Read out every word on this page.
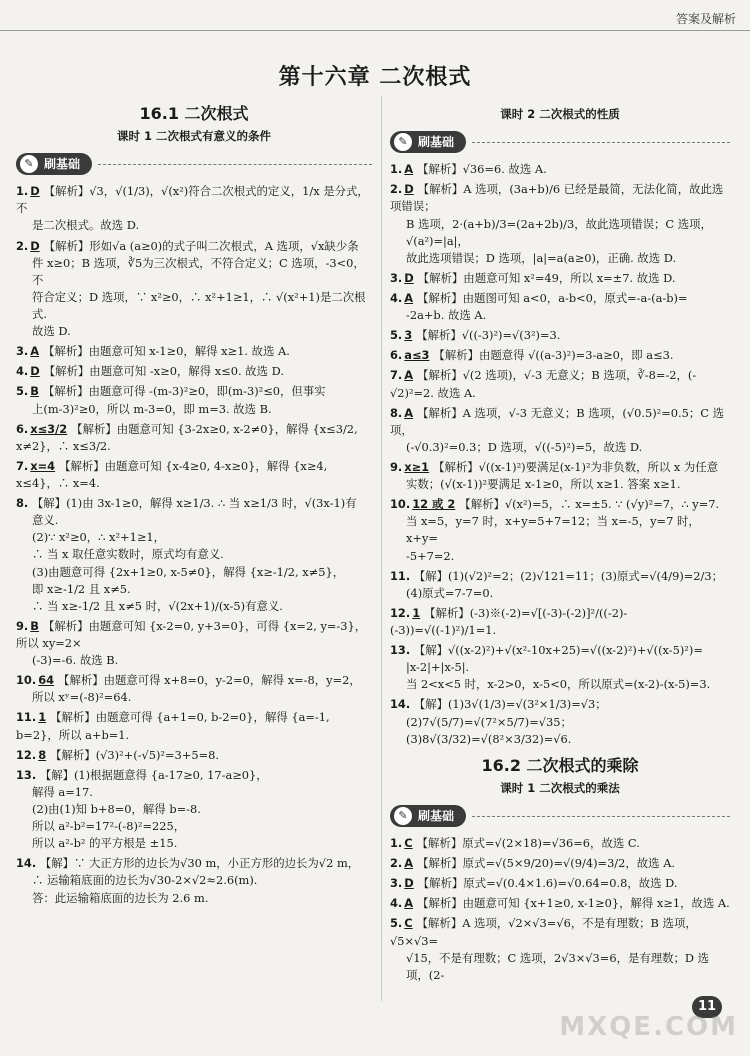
答案及解析
第十六章 二次根式
16.1 二次根式
课时 1 二次根式有意义的条件
✎ 刷基础
1. D 【解析】√3，√(1/3)，√(x²)符合二次根式的定义，1/x 是分式，不
是二次根式。故选 D.
2. D 【解析】形如√a (a≥0)的式子叫二次根式，A 选项，√x缺少条
件 x≥0；B 选项，∛5为三次根式，不符合定义；C 选项，-3<0，不
符合定义；D 选项，∵ x²≥0，∴ x²+1≥1，∴ √(x²+1)是二次根式.
故选 D.
3. A 【解析】由题意可知 x-1≥0，解得 x≥1. 故选 A.
4. D 【解析】由题意可知 -x≥0，解得 x≤0. 故选 D.
5. B 【解析】由题意可得 -(m-3)²≥0，即(m-3)²≤0，但事实
上(m-3)²≥0，所以 m-3=0，即 m=3. 故选 B.
6. x≤3/2 【解析】由题意可知 {3-2x≥0, x-2≠0}，解得 {x≤3/2, x≠2}，∴ x≤3/2.
7. x=4 【解析】由题意可知 {x-4≥0, 4-x≥0}，解得 {x≥4, x≤4}，∴ x=4.
8. 【解】(1)由 3x-1≥0，解得 x≥1/3. ∴ 当 x≥1/3 时，√(3x-1)有
意义.
(2)∵ x²≥0，∴ x²+1≥1，
∴ 当 x 取任意实数时，原式均有意义.
(3)由题意可得 {2x+1≥0, x-5≠0}，解得 {x≥-1/2, x≠5}，
即 x≥-1/2 且 x≠5.
∴ 当 x≥-1/2 且 x≠5 时，√(2x+1)/(x-5)有意义.
9. B 【解析】由题意可知 {x-2=0, y+3=0}，可得 {x=2, y=-3}，所以 xy=2×
(-3)=-6. 故选 B.
10. 64 【解析】由题意可得 x+8=0，y-2=0，解得 x=-8，y=2，
所以 xʸ=(-8)²=64.
11. 1 【解析】由题意可得 {a+1=0, b-2=0}，解得 {a=-1, b=2}，所以 a+b=1.
12. 8 【解析】(√3)²+(-√5)²=3+5=8.
13. 【解】(1)根据题意得 {a-17≥0, 17-a≥0}，
解得 a=17.
(2)由(1)知 b+8=0，解得 b=-8.
所以 a²-b²=17²-(-8)²=225，
所以 a²-b² 的平方根是 ±15.
14. 【解】∵ 大正方形的边长为√30 m，小正方形的边长为√2 m，
∴ 运输箱底面的边长为√30-2×√2≈2.6(m).
答：此运输箱底面的边长为 2.6 m.
课时 2 二次根式的性质
✎ 刷基础
1. A 【解析】√36=6. 故选 A.
2. D 【解析】A 选项，(3a+b)/6 已经是最简，无法化简，故此选项错误；
B 选项，2·(a+b)/3=(2a+2b)/3，故此选项错误；C 选项，√(a²)=|a|，
故此选项错误；D 选项，|a|=a(a≥0)，正确. 故选 D.
3. D 【解析】由题意可知 x²=49，所以 x=±7. 故选 D.
4. A 【解析】由题图可知 a<0，a-b<0，原式=-a-(a-b)=
-2a+b. 故选 A.
5. 3 【解析】√((-3)²)=√(3²)=3.
6. a≤3 【解析】由题意得 √((a-3)²)=3-a≥0，即 a≤3.
7. A 【解析】√(2 选项)，√-3 无意义；B 选项，∛-8=-2，(-√2)²=2. 故选 A.
8. A 【解析】A 选项，√-3 无意义；B 选项，(√0.5)²=0.5；C 选项，
(-√0.3)²=0.3；D 选项，√((-5)²)=5，故选 D.
9. x≥1 【解析】√((x-1)²)要满足(x-1)²为非负数，所以 x 为任意
实数；(√(x-1))²要满足 x-1≥0，所以 x≥1. 答案 x≥1.
10. 12 或 2 【解析】√(x²)=5，∴ x=±5. ∵ (√y)²=7，∴ y=7.
当 x=5，y=7 时，x+y=5+7=12；当 x=-5，y=7 时，x+y=
-5+7=2.
11. 【解】(1)(√2)²=2；(2)√121=11；(3)原式=√(4/9)=2/3；
(4)原式=7-7=0.
12. 1 【解析】(-3)※(-2)=√[(-3)-(-2)]²/((-2)-(-3))=√((-1)²)/1=1.
13. 【解】√((x-2)²)+√(x²-10x+25)=√((x-2)²)+√((x-5)²)=
|x-2|+|x-5|.
当 2<x<5 时，x-2>0，x-5<0，所以原式=(x-2)-(x-5)=3.
14. 【解】(1)3√(1/3)=√(3²×1/3)=√3；
(2)7√(5/7)=√(7²×5/7)=√35；
(3)8√(3/32)=√(8²×3/32)=√6.
16.2 二次根式的乘除
课时 1 二次根式的乘法
✎ 刷基础
1. C 【解析】原式=√(2×18)=√36=6，故选 C.
2. A 【解析】原式=√(5×9/20)=√(9/4)=3/2，故选 A.
3. D 【解析】原式=√(0.4×1.6)=√0.64=0.8，故选 D.
4. A 【解析】由题意可知 {x+1≥0, x-1≥0}，解得 x≥1，故选 A.
5. C 【解析】A 选项，√2×√3=√6，不是有理数；B 选项，√5×√3=
√15，不是有理数；C 选项，2√3×√3=6，是有理数；D 选项，(2-
11
MXQE.COM
